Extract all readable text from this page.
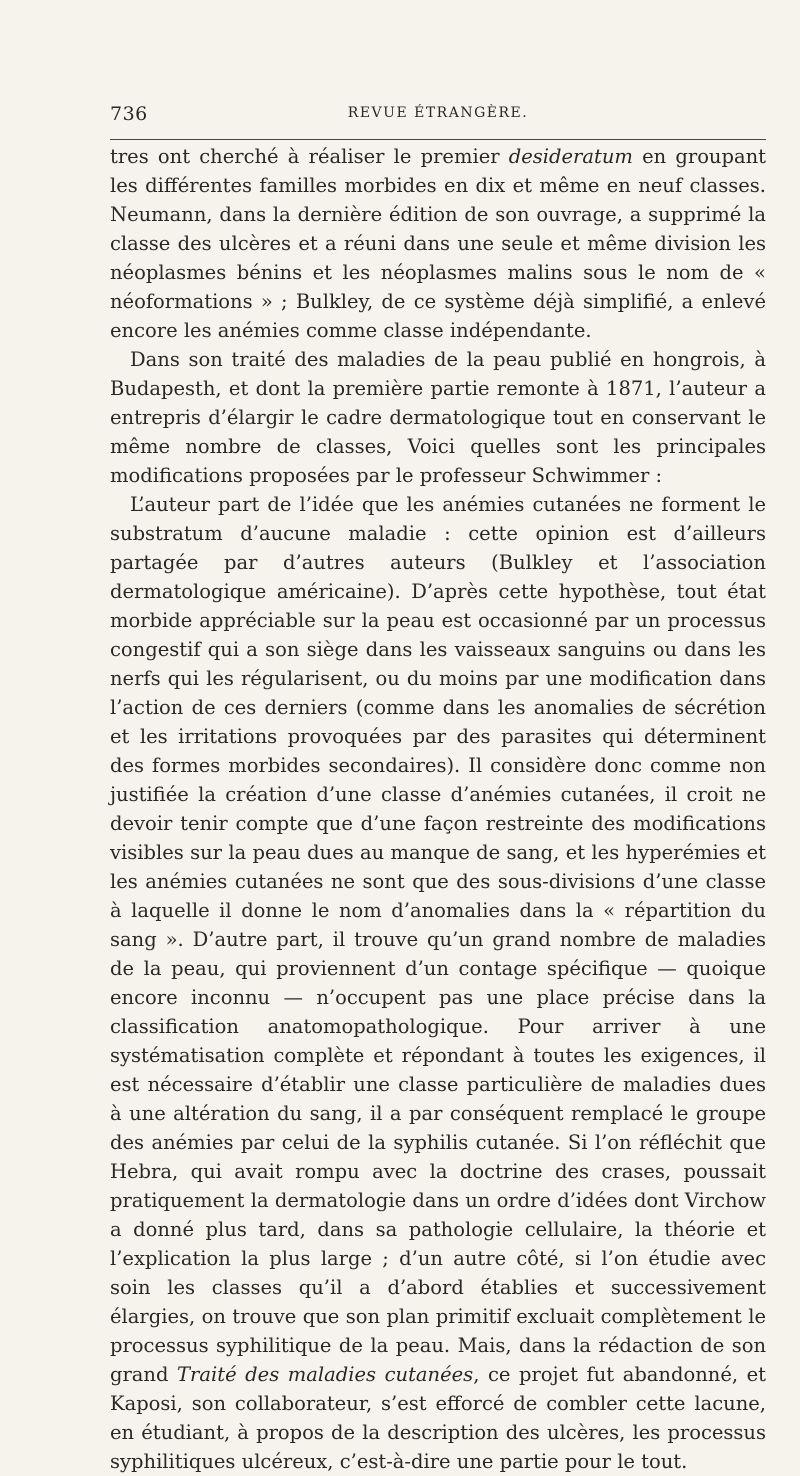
736	REVUE ÉTRANGÈRE.

tres ont cherché à réaliser le premier desideratum en groupant les différentes familles morbides en dix et même en neuf classes. Neumann, dans la dernière édition de son ouvrage, a supprimé la classe des ulcères et a réuni dans une seule et même division les néoplasmes bénins et les néoplasmes malins sous le nom de « néoformations » ; Bulkley, de ce système déjà simplifié, a enlevé encore les anémies comme classe indépendante.

Dans son traité des maladies de la peau publié en hongrois, à Budapesth, et dont la première partie remonte à 1871, l’auteur a entrepris d’élargir le cadre dermatologique tout en conservant le même nombre de classes, Voici quelles sont les principales modifications proposées par le professeur Schwimmer :

L’auteur part de l’idée que les anémies cutanées ne forment le substratum d’aucune maladie : cette opinion est d’ailleurs partagée par d’autres auteurs (Bulkley et l’association dermatologique américaine). D’après cette hypothèse, tout état morbide appréciable sur la peau est occasionné par un processus congestif qui a son siège dans les vaisseaux sanguins ou dans les nerfs qui les régularisent, ou du moins par une modification dans l’action de ces derniers (comme dans les anomalies de sécrétion et les irritations provoquées par des parasites qui déterminent des formes morbides secondaires). Il considère donc comme non justifiée la création d’une classe d’anémies cutanées, il croit ne devoir tenir compte que d’une façon restreinte des modifications visibles sur la peau dues au manque de sang, et les hyperémies et les anémies cutanées ne sont que des sous-divisions d’une classe à laquelle il donne le nom d’anomalies dans la « répartition du sang ». D’autre part, il trouve qu’un grand nombre de maladies de la peau, qui proviennent d’un contage spécifique — quoique encore inconnu — n’occupent pas une place précise dans la classification anatomopathologique. Pour arriver à une systématisation complète et répondant à toutes les exigences, il est nécessaire d’établir une classe particulière de maladies dues à une altération du sang, il a par conséquent remplacé le groupe des anémies par celui de la syphilis cutanée. Si l’on réfléchit que Hebra, qui avait rompu avec la doctrine des crases, poussait pratiquement la dermatologie dans un ordre d’idées dont Virchow a donné plus tard, dans sa pathologie cellulaire, la théorie et l’explication la plus large ; d’un autre côté, si l’on étudie avec soin les classes qu’il a d’abord établies et successivement élargies, on trouve que son plan primitif excluait complètement le processus syphilitique de la peau. Mais, dans la rédaction de son grand Traité des maladies cutanées, ce projet fut abandonné, et Kaposi, son collaborateur, s’est efforcé de combler cette lacune, en étudiant, à propos de la description des ulcères, les processus syphilitiques ulcéreux, c’est-à-dire une partie pour le tout.
